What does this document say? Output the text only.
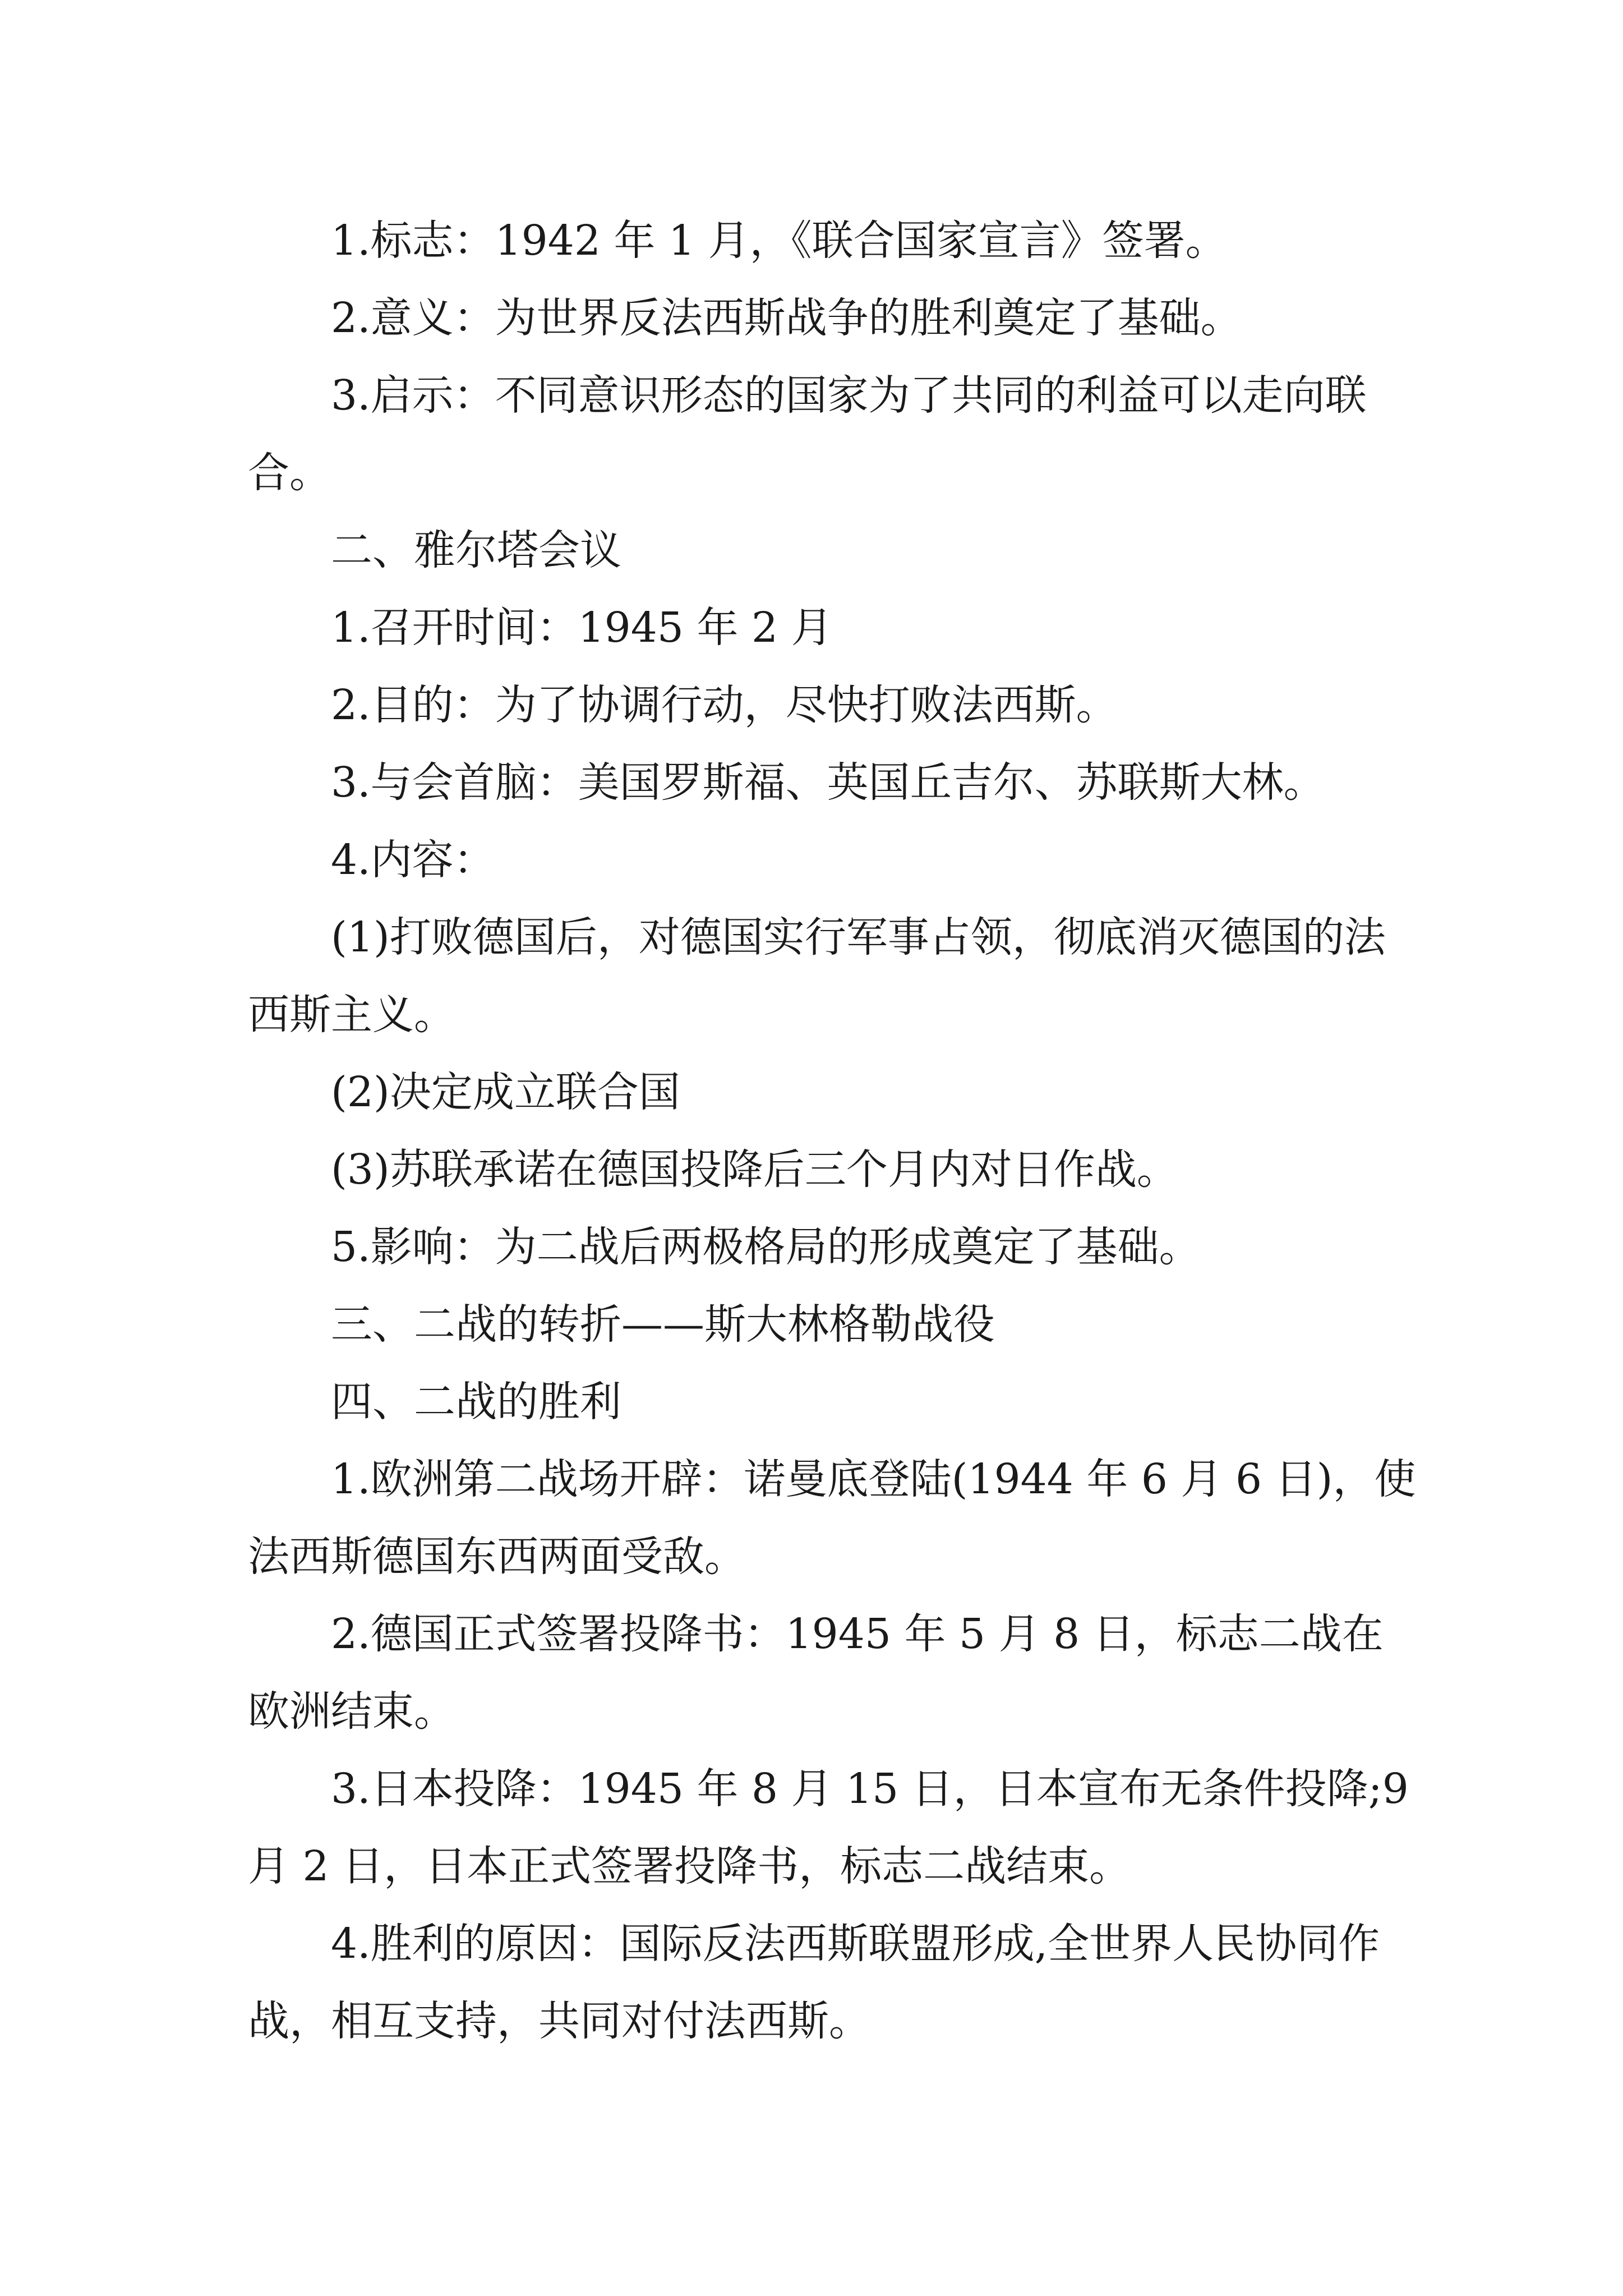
1.标志：1942 年 1 月，《联合国家宣言》签署。

2.意义：为世界反法西斯战争的胜利奠定了基础。

3.启示：不同意识形态的国家为了共同的利益可以走向联合。

二、雅尔塔会议

1.召开时间：1945 年 2 月

2.目的：为了协调行动，尽快打败法西斯。

3.与会首脑：美国罗斯福、英国丘吉尔、苏联斯大林。

4.内容：

(1)打败德国后，对德国实行军事占领，彻底消灭德国的法西斯主义。

(2)决定成立联合国

(3)苏联承诺在德国投降后三个月内对日作战。

5.影响：为二战后两极格局的形成奠定了基础。

三、二战的转折——斯大林格勒战役

四、二战的胜利

1.欧洲第二战场开辟：诺曼底登陆(1944 年 6 月 6 日)，使法西斯德国东西两面受敌。

2.德国正式签署投降书：1945 年 5 月 8 日，标志二战在欧洲结束。

3.日本投降：1945 年 8 月 15 日，日本宣布无条件投降;9 月 2 日，日本正式签署投降书，标志二战结束。

4.胜利的原因：国际反法西斯联盟形成,全世界人民协同作战，相互支持，共同对付法西斯。
